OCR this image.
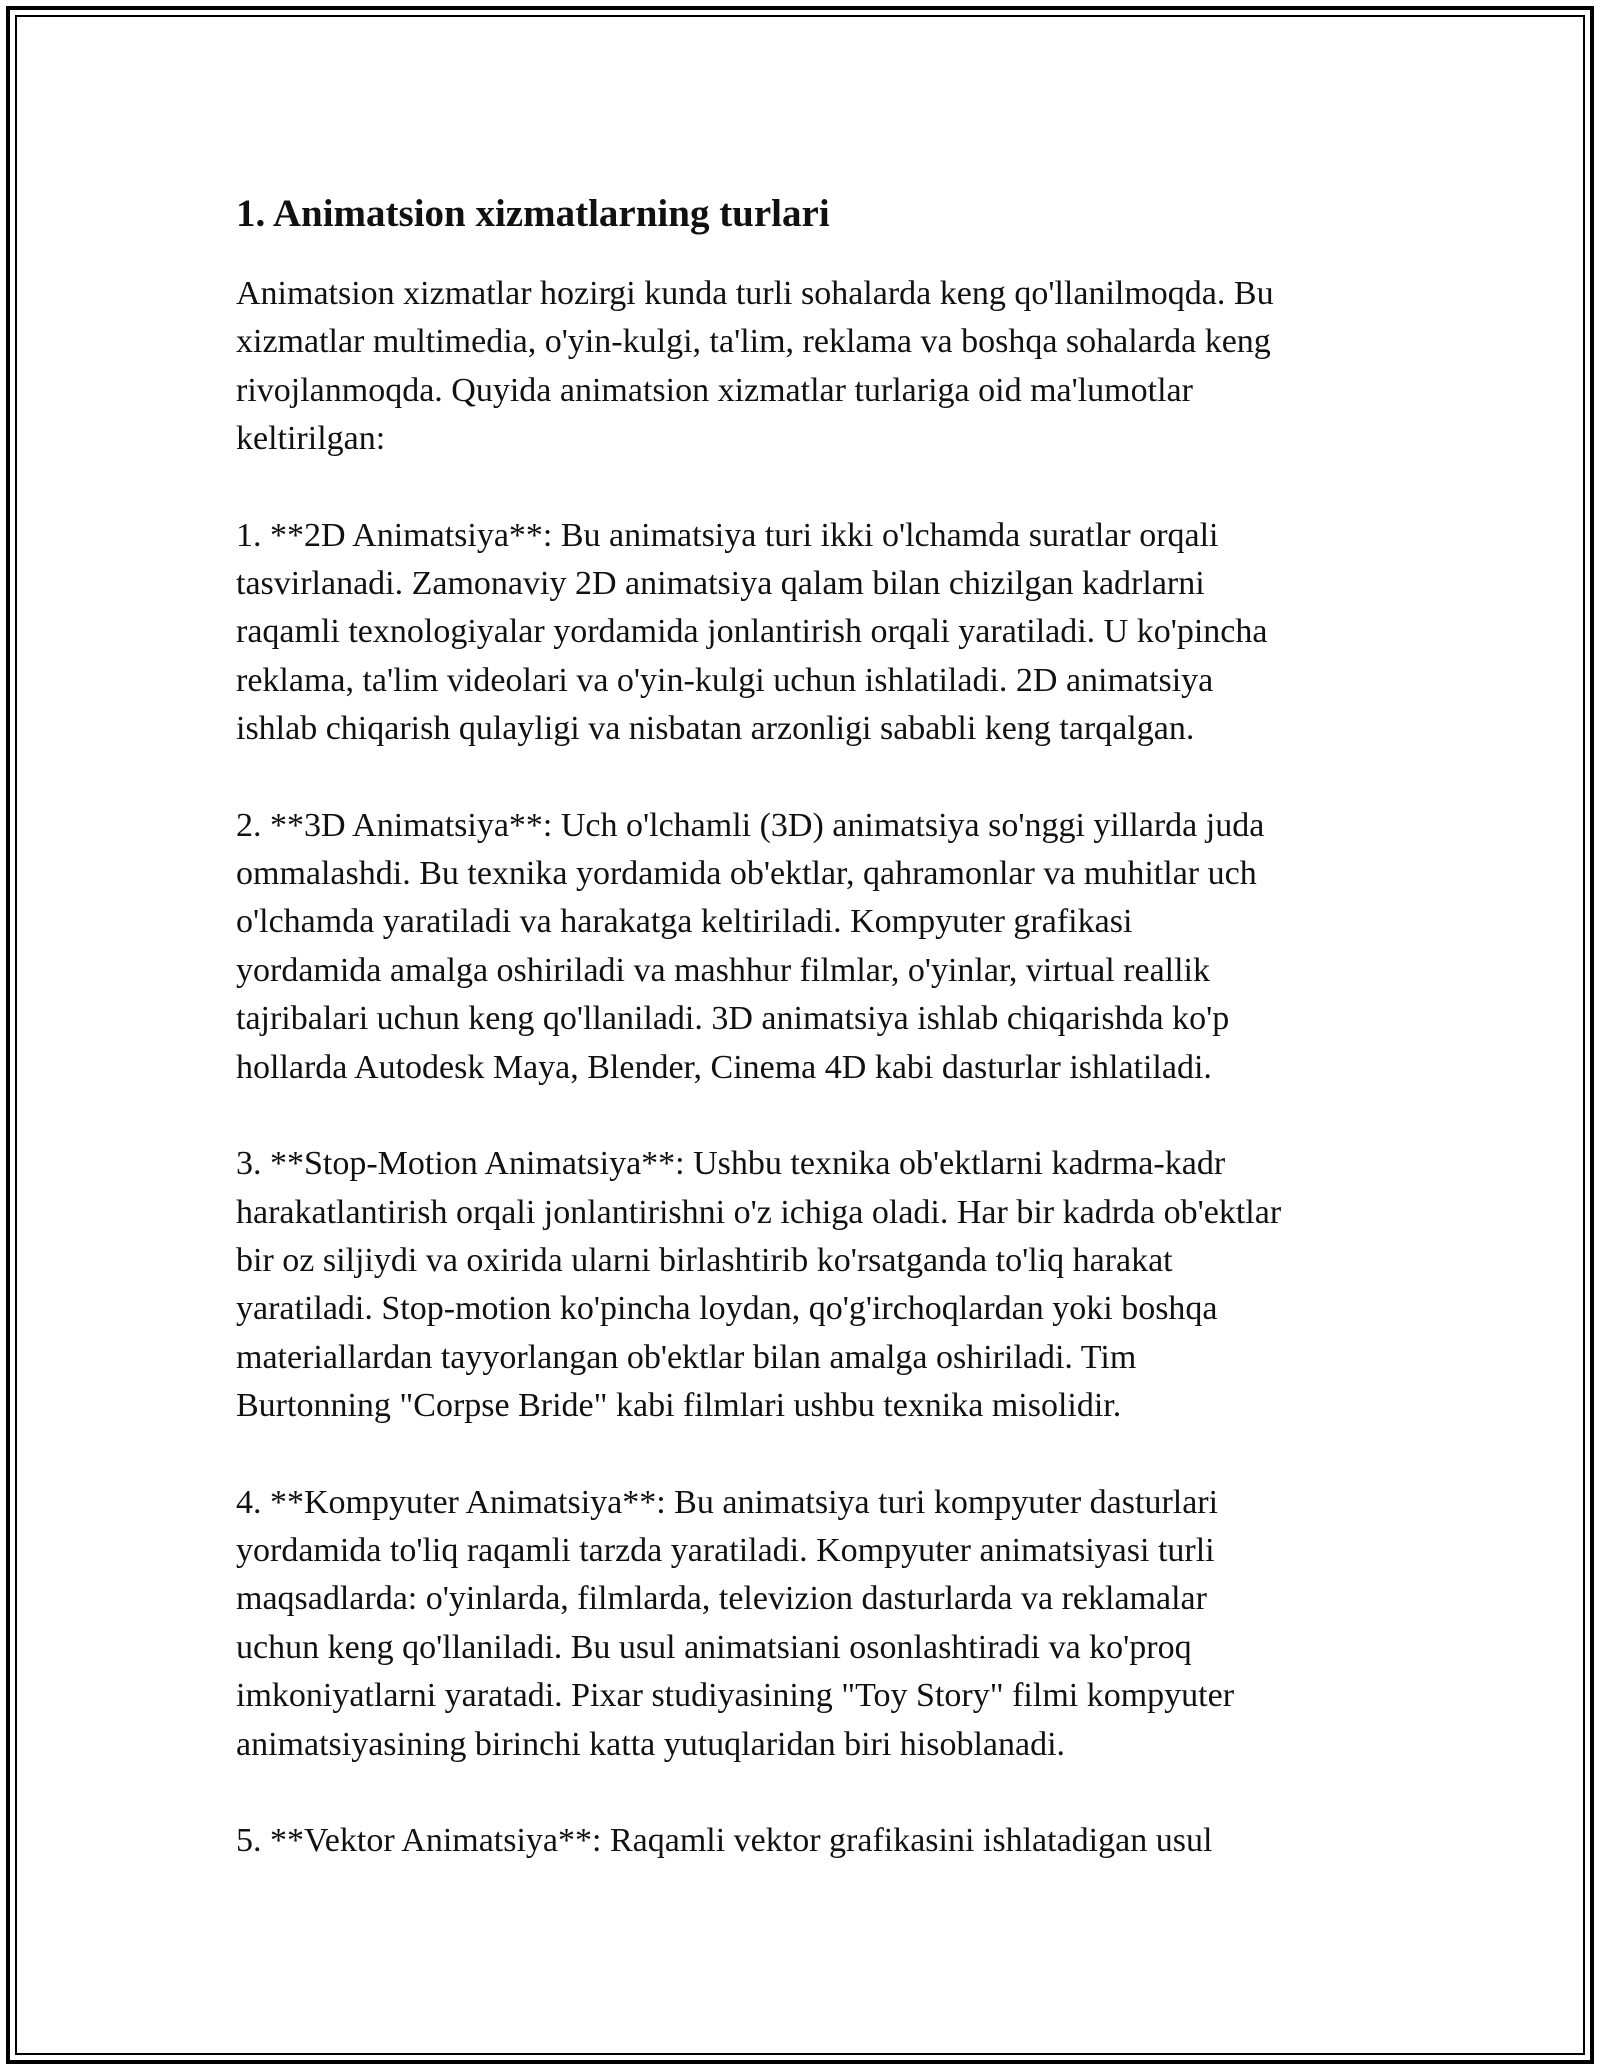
1. Animatsion xizmatlarning turlari

Animatsion xizmatlar hozirgi kunda turli sohalarda keng qo'llanilmoqda. Bu
xizmatlar multimedia, o'yin-kulgi, ta'lim, reklama va boshqa sohalarda keng
rivojlanmoqda. Quyida animatsion xizmatlar turlariga oid ma'lumotlar
keltirilgan:

1. **2D Animatsiya**: Bu animatsiya turi ikki o'lchamda suratlar orqali
tasvirlanadi. Zamonaviy 2D animatsiya qalam bilan chizilgan kadrlarni
raqamli texnologiyalar yordamida jonlantirish orqali yaratiladi. U ko'pincha
reklama, ta'lim videolari va o'yin-kulgi uchun ishlatiladi. 2D animatsiya
ishlab chiqarish qulayligi va nisbatan arzonligi sababli keng tarqalgan.

2. **3D Animatsiya**: Uch o'lchamli (3D) animatsiya so'nggi yillarda juda
ommalashdi. Bu texnika yordamida ob'ektlar, qahramonlar va muhitlar uch
o'lchamda yaratiladi va harakatga keltiriladi. Kompyuter grafikasi
yordamida amalga oshiriladi va mashhur filmlar, o'yinlar, virtual reallik
tajribalari uchun keng qo'llaniladi. 3D animatsiya ishlab chiqarishda ko'p
hollarda Autodesk Maya, Blender, Cinema 4D kabi dasturlar ishlatiladi.

3. **Stop-Motion Animatsiya**: Ushbu texnika ob'ektlarni kadrma-kadr
harakatlantirish orqali jonlantirishni o'z ichiga oladi. Har bir kadrda ob'ektlar
bir oz siljiydi va oxirida ularni birlashtirib ko'rsatganda to'liq harakat
yaratiladi. Stop-motion ko'pincha loydan, qo'g'irchoqlardan yoki boshqa
materiallardan tayyorlangan ob'ektlar bilan amalga oshiriladi. Tim
Burtonning "Corpse Bride" kabi filmlari ushbu texnika misolidir.

4. **Kompyuter Animatsiya**: Bu animatsiya turi kompyuter dasturlari
yordamida to'liq raqamli tarzda yaratiladi. Kompyuter animatsiyasi turli
maqsadlarda: o'yinlarda, filmlarda, televizion dasturlarda va reklamalar
uchun keng qo'llaniladi. Bu usul animatsiani osonlashtiradi va ko'proq
imkoniyatlarni yaratadi. Pixar studiyasining "Toy Story" filmi kompyuter
animatsiyasining birinchi katta yutuqlaridan biri hisoblanadi.

5. **Vektor Animatsiya**: Raqamli vektor grafikasini ishlatadigan usul
